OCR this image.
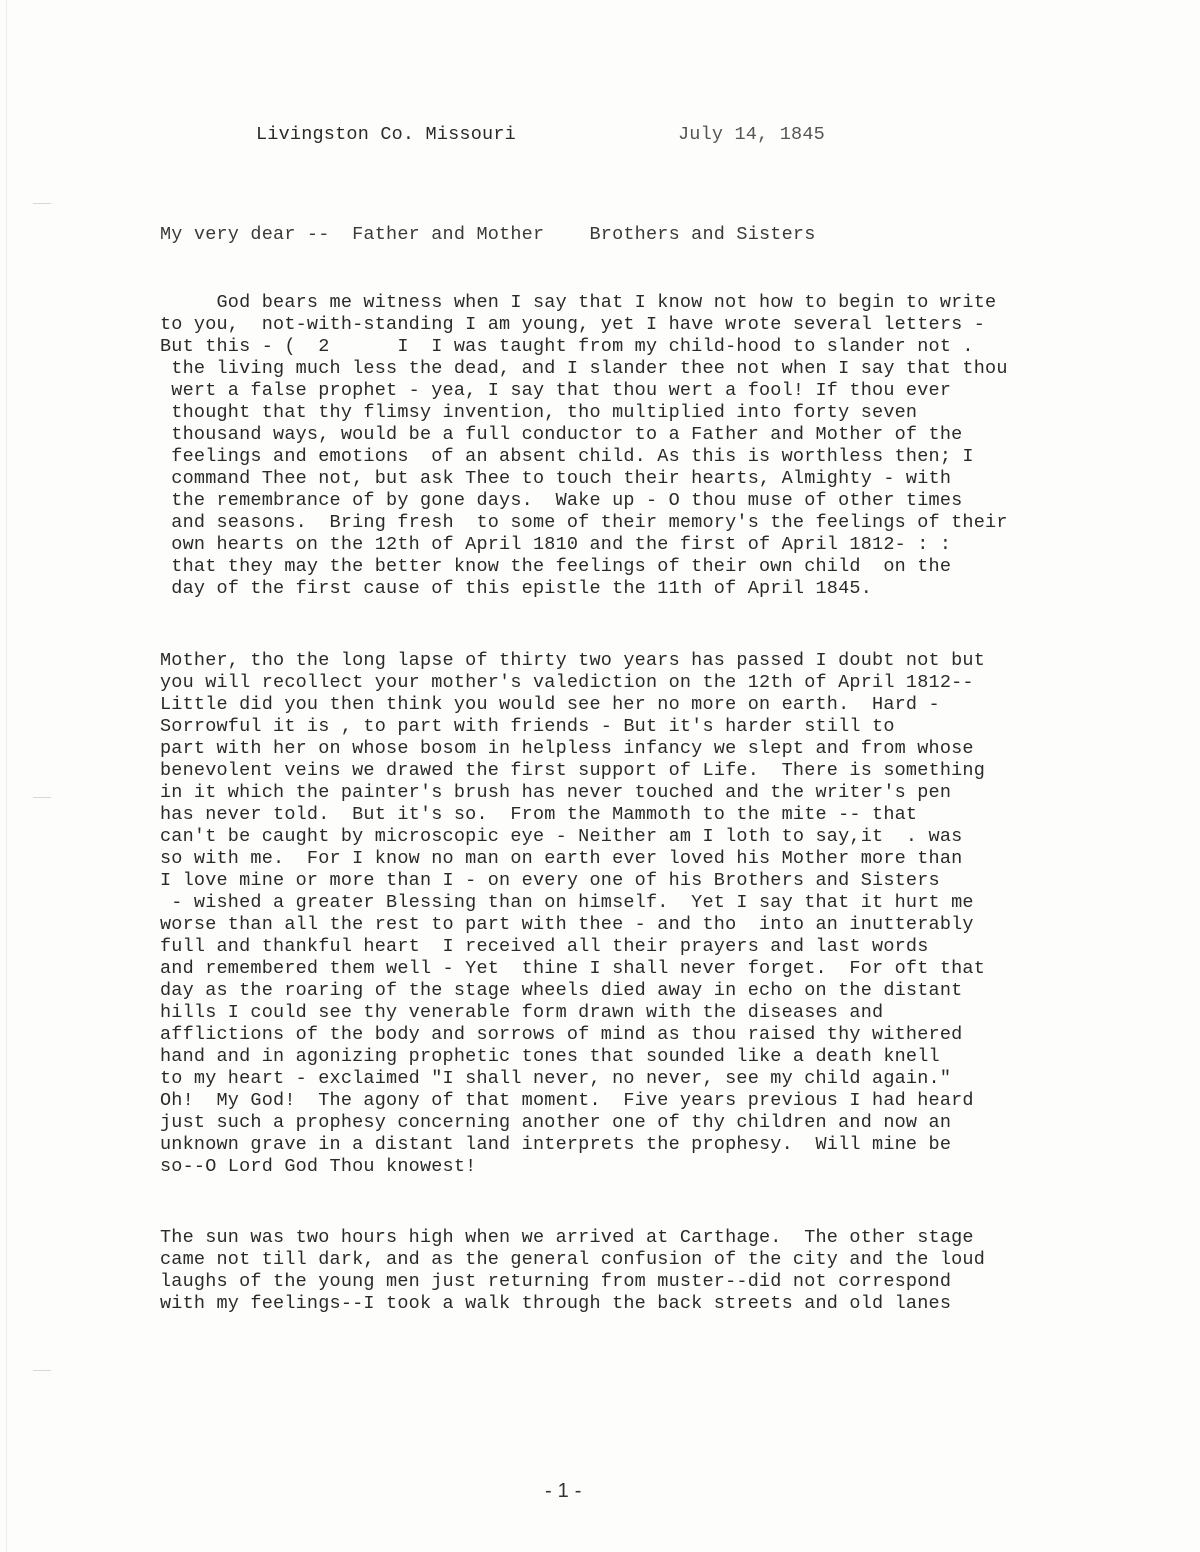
Livingston Co. Missouri	July 14, 1845
My very dear --  Father and Mother    Brothers and Sisters
God bears me witness when I say that I know not how to begin to write
to you,  not-with-standing I am young, yet I have wrote several letters -
But this - (  2      I  I was taught from my child-hood to slander not .
the living much less the dead, and I slander thee not when I say that thou
wert a false prophet - yea, I say that thou wert a fool! If thou ever
thought that thy flimsy invention, tho multiplied into forty seven
thousand ways, would be a full conductor to a Father and Mother of the
feelings and emotions  of an absent child. As this is worthless then; I
command Thee not, but ask Thee to touch their hearts, Almighty - with
the remembrance of by gone days.  Wake up - O thou muse of other times
and seasons.  Bring fresh  to some of their memory's the feelings of their
own hearts on the 12th of April 1810 and the first of April 1812- : :
that they may the better know the feelings of their own child  on the
day of the first cause of this epistle the 11th of April 1845.
Mother, tho the long lapse of thirty two years has passed I doubt not but
you will recollect your mother's valediction on the 12th of April 1812--
Little did you then think you would see her no more on earth.  Hard -
Sorrowful it is , to part with friends - But it's harder still to
part with her on whose bosom in helpless infancy we slept and from whose
benevolent veins we drawed the first support of Life.  There is something
in it which the painter's brush has never touched and the writer's pen
has never told.  But it's so.  From the Mammoth to the mite -- that
can't be caught by microscopic eye - Neither am I loth to say,it  . was
so with me.  For I know no man on earth ever loved his Mother more than
I love mine or more than I - on every one of his Brothers and Sisters
- wished a greater Blessing than on himself.  Yet I say that it hurt me
worse than all the rest to part with thee - and tho  into an inutterably
full and thankful heart  I received all their prayers and last words
and remembered them well - Yet  thine I shall never forget.  For oft that
day as the roaring of the stage wheels died away in echo on the distant
hills I could see thy venerable form drawn with the diseases and
afflictions of the body and sorrows of mind as thou raised thy withered
hand and in agonizing prophetic tones that sounded like a death knell
to my heart - exclaimed "I shall never, no never, see my child again."
Oh!  My God!  The agony of that moment.  Five years previous I had heard
just such a prophesy concerning another one of thy children and now an
unknown grave in a distant land interprets the prophesy.  Will mine be
so--O Lord God Thou knowest!
The sun was two hours high when we arrived at Carthage.  The other stage
came not till dark, and as the general confusion of the city and the loud
laughs of the young men just returning from muster--did not correspond
with my feelings--I took a walk through the back streets and old lanes
- 1 -
